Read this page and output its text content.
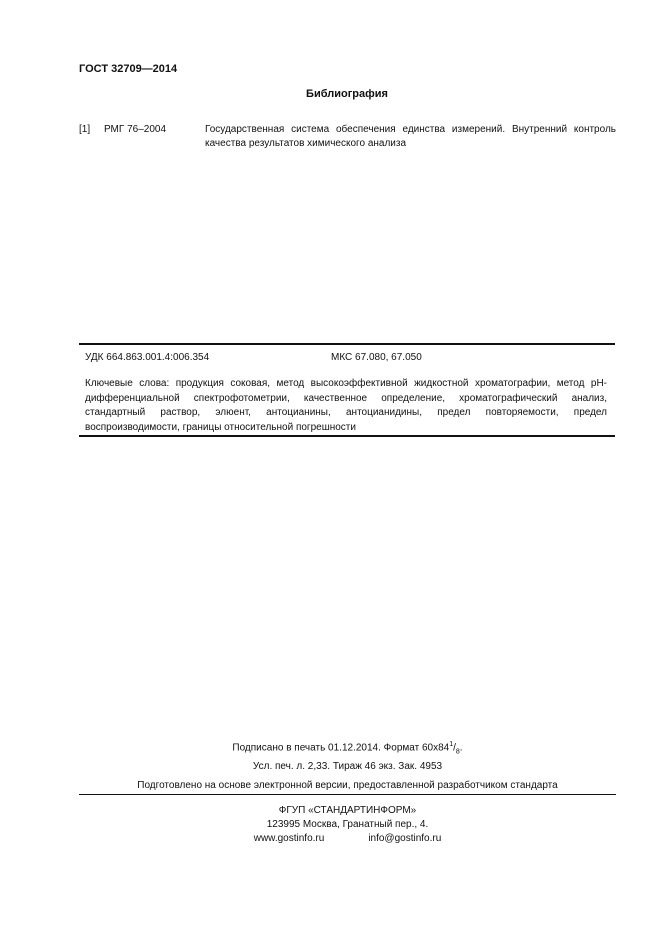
ГОСТ 32709—2014
Библиография
[1] РМГ 76–2004	Государственная система обеспечения единства измерений. Внутренний контроль качества результатов химического анализа
УДК 664.863.001.4:006.354	МКС 67.080, 67.050
Ключевые слова: продукция соковая, метод высокоэффективной жидкостной хроматографии, метод рН-дифференциальной спектрофотометрии, качественное определение, хроматографический анализ, стандартный раствор, элюент, антоцианины, антоцианидины, предел повторяемости, предел воспроизводимости, границы относительной погрешности
Подписано в печать 01.12.2014. Формат $60x84^1/_8$.
Усл. печ. л. 2,33. Тираж 46 экз. Зак. 4953
Подготовлено на основе электронной версии, предоставленной разработчиком стандарта
ФГУП «СТАНДАРТИНФОРМ»
123995 Москва, Гранатный пер., 4.
www.gostinfo.ru	info@gostinfo.ru
